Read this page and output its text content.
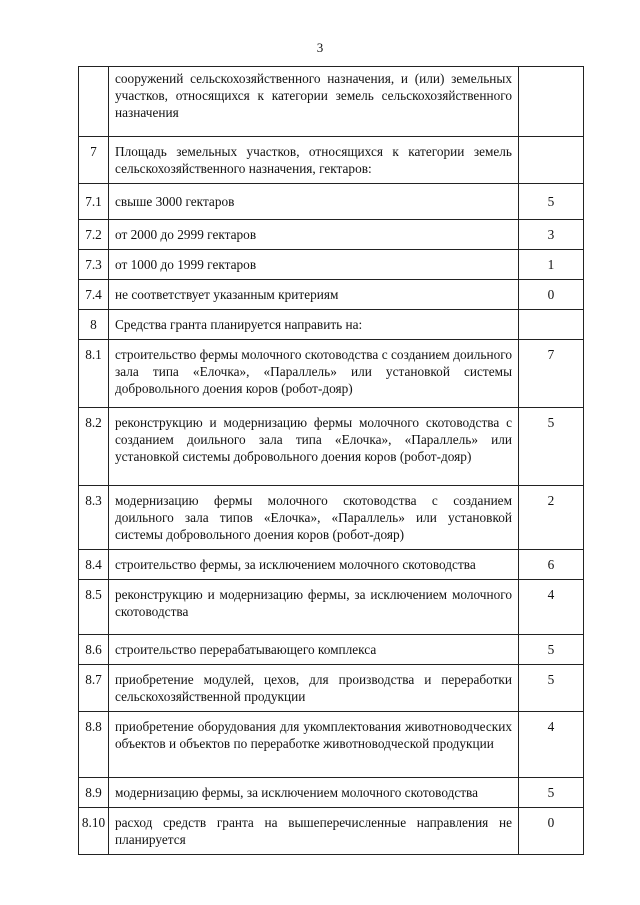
3
	сооружений сельскохозяйственного назначения, и (или) земельных участков, относящихся к категории земель сельскохозяйственного назначения	
7	Площадь земельных участков, относящихся к категории земель сельскохозяйственного назначения, гектаров:	
7.1	свыше 3000 гектаров	5
7.2	от 2000 до 2999 гектаров	3
7.3	от 1000 до 1999 гектаров	1
7.4	не соответствует указанным критериям	0
8	Средства гранта планируется направить на:	
8.1	строительство фермы молочного скотоводства с созданием доильного зала типа «Елочка», «Параллель» или установкой системы добровольного доения коров (робот-дояр)	7
8.2	реконструкцию и модернизацию фермы молочного скотоводства с созданием доильного зала типа «Елочка», «Параллель» или установкой системы добровольного доения коров (робот-дояр)	5
8.3	модернизацию фермы молочного скотоводства с созданием доильного зала типов «Елочка», «Параллель» или установкой системы добровольного доения коров (робот-дояр)	2
8.4	строительство фермы, за исключением молочного скотоводства	6
8.5	реконструкцию и модернизацию фермы, за исключением молочного скотоводства	4
8.6	строительство перерабатывающего комплекса	5
8.7	приобретение модулей, цехов, для производства и переработки сельскохозяйственной продукции	5
8.8	приобретение оборудования для укомплектования животноводческих объектов и объектов по переработке животноводческой продукции	4
8.9	модернизацию фермы, за исключением молочного скотоводства	5
8.10	расход средств гранта на вышеперечисленные направления не планируется	0
